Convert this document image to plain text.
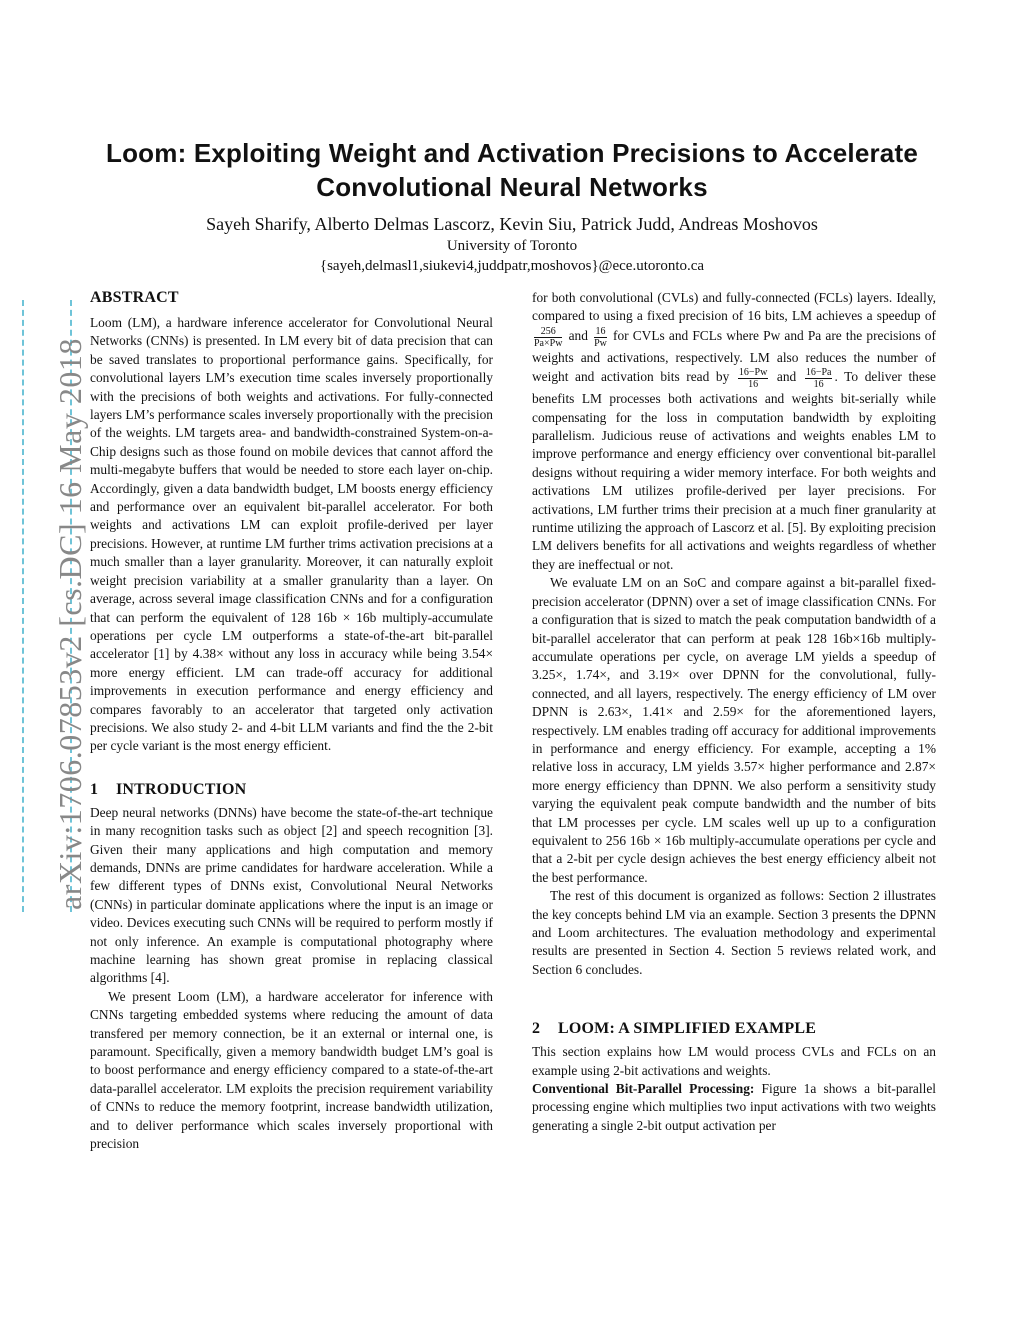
Loom: Exploiting Weight and Activation Precisions to Accelerate
Convolutional Neural Networks
Sayeh Sharify, Alberto Delmas Lascorz, Kevin Siu, Patrick Judd, Andreas Moshovos
University of Toronto
{sayeh,delmasl1,siukevi4,juddpatr,moshovos}@ece.utoronto.ca
arXiv:1706.07853v2 [cs.DC] 16 May 2018
ABSTRACT

Loom (LM), a hardware inference accelerator for Convolutional Neural Networks (CNNs) is presented. In LM every bit of data precision that can be saved translates to proportional performance gains. Specifically, for convolutional layers LM’s execution time scales inversely proportionally with the precisions of both weights and activations. For fully-connected layers LM’s performance scales inversely proportionally with the precision of the weights. LM targets area- and bandwidth-constrained System-on-a-Chip designs such as those found on mobile devices that cannot afford the multi-megabyte buffers that would be needed to store each layer on-chip. Accordingly, given a data bandwidth budget, LM boosts energy efficiency and performance over an equivalent bit-parallel accelerator. For both weights and activations LM can exploit profile-derived per layer precisions. However, at runtime LM further trims activation precisions at a much smaller than a layer granularity. Moreover, it can naturally exploit weight precision variability at a smaller granularity than a layer. On average, across several image classification CNNs and for a configuration that can perform the equivalent of 128 16b × 16b multiply-accumulate operations per cycle LM outperforms a state-of-the-art bit-parallel accelerator [1] by 4.38× without any loss in accuracy while being 3.54× more energy efficient. LM can trade-off accuracy for additional improvements in execution performance and energy efficiency and compares favorably to an accelerator that targeted only activation precisions. We also study 2- and 4-bit LLM variants and find the the 2-bit per cycle variant is the most energy efficient.

1 INTRODUCTION

Deep neural networks (DNNs) have become the state-of-the-art technique in many recognition tasks such as object [2] and speech recognition [3]. Given their many applications and high computation and memory demands, DNNs are prime candidates for hardware acceleration. While a few different types of DNNs exist, Convolutional Neural Networks (CNNs) in particular dominate applications where the input is an image or video. Devices executing such CNNs will be required to perform mostly if not only inference. An example is computational photography where machine learning has shown great promise in replacing classical algorithms [4].

We present Loom (LM), a hardware accelerator for inference with CNNs targeting embedded systems where reducing the amount of data transfered per memory connection, be it an external or internal one, is paramount. Specifically, given a memory bandwidth budget LM’s goal is to boost performance and energy efficiency compared to a state-of-the-art data-parallel accelerator. LM exploits the precision requirement variability of CNNs to reduce the memory footprint, increase bandwidth utilization, and to deliver performance which scales inversely proportional with precision

for both convolutional (CVLs) and fully-connected (FCLs) layers. Ideally, compared to using a fixed precision of 16 bits, LM achieves a speedup of
$\frac{256}{Pa\times Pw}$ and $\frac{16}{Pw}$ for CVLs and FCLs where Pw and Pa are the precisions of weights and activations, respectively. LM also reduces the number of weight and activation bits read by $\frac{16-Pw}{16}$ and $\frac{16-Pa}{16}$ . To deliver these benefits LM processes both activations and weights bit-serially while compensating for the loss in computation bandwidth by exploiting parallelism. Judicious reuse of activations and weights enables LM to improve performance and energy efficiency over conventional bit-parallel designs without requiring a wider memory interface. For both weights and activations LM utilizes profile-derived per layer precisions. For activations, LM further trims their precision at a much finer granularity at runtime utilizing the approach of Lascorz et al. [5]. By exploiting precision LM delivers benefits for all activations and weights regardless of whether they are ineffectual or not.

We evaluate LM on an SoC and compare against a bit-parallel fixed-precision accelerator (DPNN) over a set of image classification CNNs. For a configuration that is sized to match the peak computation bandwidth of a bit-parallel accelerator that can perform at peak 128 16b×16b multiply-accumulate operations per cycle, on average LM yields a speedup of 3.25×, 1.74×, and 3.19× over DPNN for the convolutional, fully-connected, and all layers, respectively. The energy efficiency of LM over DPNN is 2.63×, 1.41× and 2.59× for the aforementioned layers, respectively. LM enables trading off accuracy for additional improvements in performance and energy efficiency. For example, accepting a 1% relative loss in accuracy, LM yields 3.57× higher performance and 2.87× more energy efficiency than DPNN. We also perform a sensitivity study varying the equivalent peak compute bandwidth and the number of bits that LM processes per cycle. LM scales well up up to a configuration equivalent to 256 16b × 16b multiply-accumulate operations per cycle and that a 2-bit per cycle design achieves the best energy efficiency albeit not the best performance.

The rest of this document is organized as follows: Section 2 illustrates the key concepts behind LM via an example. Section 3 presents the DPNN and Loom architectures. The evaluation methodology and experimental results are presented in Section 4. Section 5 reviews related work, and Section 6 concludes.

2 LOOM: A SIMPLIFIED EXAMPLE

This section explains how LM would process CVLs and FCLs on an example using 2-bit activations and weights.

Conventional Bit-Parallel Processing: Figure 1a shows a bit-parallel processing engine which multiplies two input activations with two weights generating a single 2-bit output activation per
